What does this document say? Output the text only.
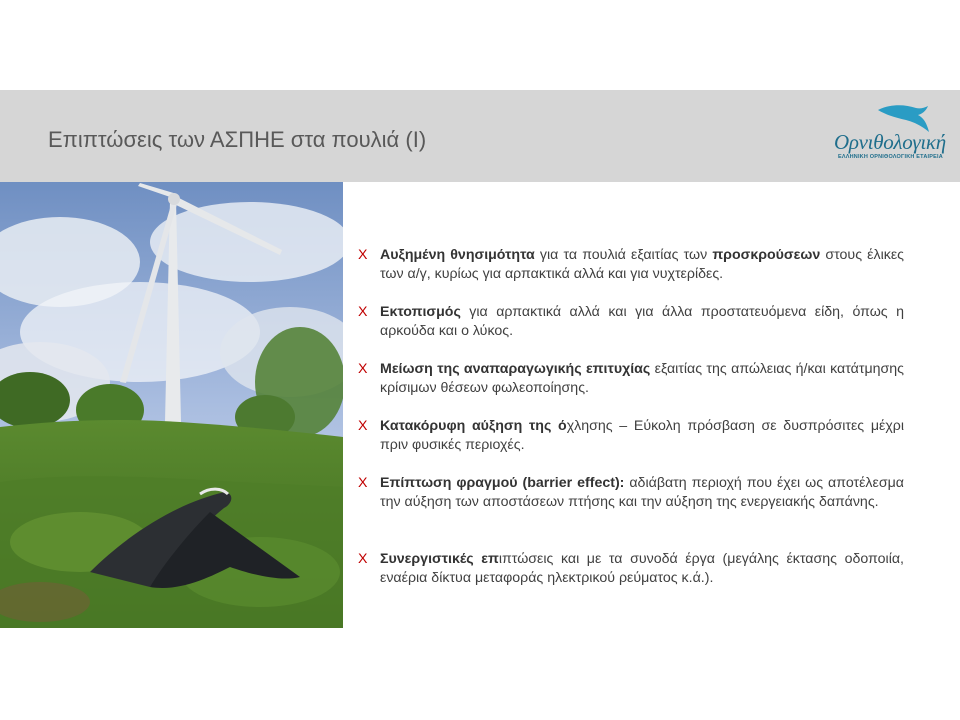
Επιπτώσεις των ΑΣΠΗΕ στα πουλιά (Ι)	Ορνιθολογική
ΕΛΛΗΝΙΚΗ ΟΡΝΙΘΟΛΟΓΙΚΗ ΕΤΑΙΡΕΙΑ
X Αυξημένη θνησιμότητα για τα πουλιά εξαιτίας των προσκρούσεων στους έλικες των α/γ, κυρίως για αρπακτικά αλλά και για νυχτερίδες.
X Εκτοπισμός για αρπακτικά αλλά και για άλλα προστατευόμενα είδη, όπως η αρκούδα και ο λύκος.
X Μείωση της αναπαραγωγικής επιτυχίας εξαιτίας της απώλειας ή/και κατάτμησης κρίσιμων θέσεων φωλεοποίησης.
X Κατακόρυφη αύξηση της όχλησης – Εύκολη πρόσβαση σε δυσπρόσιτες μέχρι πριν φυσικές περιοχές.
X Επίπτωση φραγμού (barrier effect): αδιάβατη περιοχή που έχει ως αποτέλεσμα την αύξηση των αποστάσεων πτήσης και την αύξηση της ενεργειακής δαπάνης.
X Συνεργιστικές επιπτώσεις και με τα συνοδά έργα (μεγάλης έκτασης οδοποιία, εναέρια δίκτυα μεταφοράς ηλεκτρικού ρεύματος κ.ά.).
